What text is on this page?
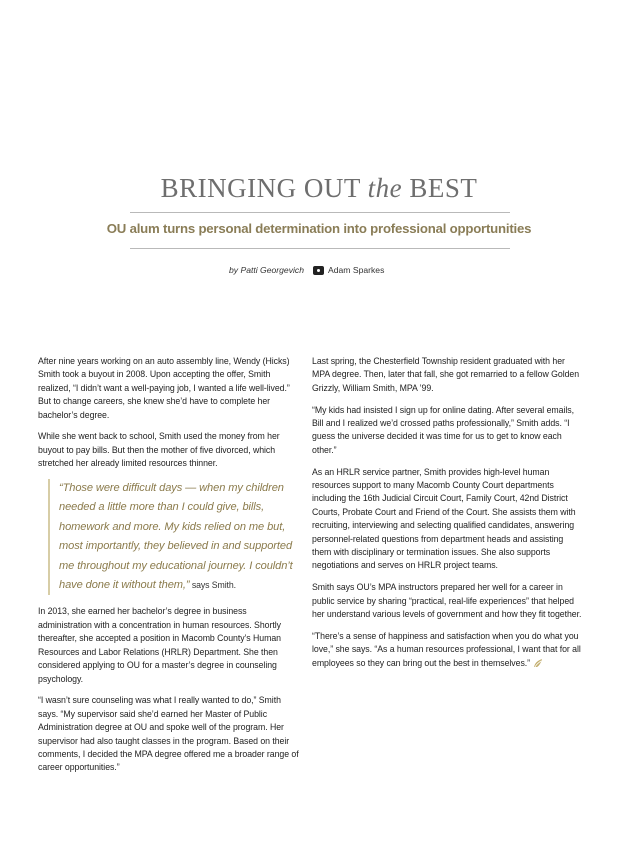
BRINGING OUT the BEST
OU alum turns personal determination into professional opportunities
by Patti Georgevich	Adam Sparkes

After nine years working on an auto assembly line, Wendy (Hicks) Smith took a buyout in 2008. Upon accepting the offer, Smith realized, “I didn’t want a well-paying job, I wanted a life well-lived.” But to change careers, she knew she’d have to complete her bachelor’s degree.

While she went back to school, Smith used the money from her buyout to pay bills. But then the mother of five divorced, which stretched her already limited resources thinner.

“Those were difficult days — when my children needed a little more than I could give, bills, homework and more. My kids relied on me but, most importantly, they believed in and supported me throughout my educational journey. I couldn’t have done it without them,” says Smith.

In 2013, she earned her bachelor’s degree in business administration with a concentration in human resources. Shortly thereafter, she accepted a position in Macomb County’s Human Resources and Labor Relations (HRLR) Department. She then considered applying to OU for a master’s degree in counseling psychology.

“I wasn’t sure counseling was what I really wanted to do,” Smith says. “My supervisor said she’d earned her Master of Public Administration degree at OU and spoke well of the program. Her supervisor had also taught classes in the program. Based on their comments, I decided the MPA degree offered me a broader range of career opportunities.”

Last spring, the Chesterfield Township resident graduated with her MPA degree. Then, later that fall, she got remarried to a fellow Golden Grizzly, William Smith, MPA ’99.

“My kids had insisted I sign up for online dating. After several emails, Bill and I realized we’d crossed paths professionally,” Smith adds. “I guess the universe decided it was time for us to get to know each other.”

As an HRLR service partner, Smith provides high-level human resources support to many Macomb County Court departments including the 16th Judicial Circuit Court, Family Court, 42nd District Courts, Probate Court and Friend of the Court. She assists them with recruiting, interviewing and selecting qualified candidates, answering personnel-related questions from department heads and assisting them with disciplinary or termination issues. She also supports negotiations and serves on HRLR project teams.

Smith says OU’s MPA instructors prepared her well for a career in public service by sharing “practical, real-life experiences” that helped her understand various levels of government and how they fit together.

“There’s a sense of happiness and satisfaction when you do what you love,” she says. “As a human resources professional, I want that for all employees so they can bring out the best in themselves.”
